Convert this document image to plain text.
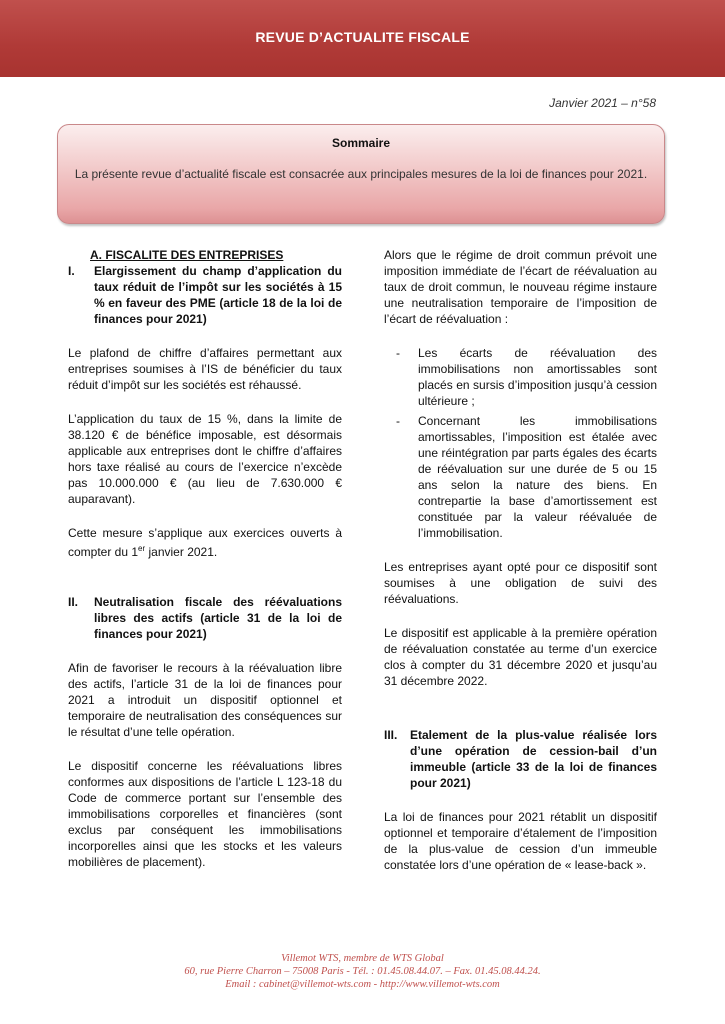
REVUE D’ACTUALITE FISCALE
Janvier 2021 – n°58
Sommaire
La présente revue d’actualité fiscale est consacrée aux principales mesures de la loi de finances pour 2021.

A. FISCALITE DES ENTREPRISES

I.	Elargissement du champ d’application du taux réduit de l’impôt sur les sociétés à 15 % en faveur des PME (article 18 de la loi de finances pour 2021)

Le plafond de chiffre d’affaires permettant aux entreprises soumises à l’IS de bénéficier du taux réduit d’impôt sur les sociétés est réhaussé.

L’application du taux de 15 %, dans la limite de 38.120 € de bénéfice imposable, est désormais applicable aux entreprises dont le chiffre d’affaires hors taxe réalisé au cours de l’exercice n’excède pas 10.000.000 € (au lieu de 7.630.000 € auparavant).

Cette mesure s’applique aux exercices ouverts à compter du 1er janvier 2021.

II.	Neutralisation fiscale des réévaluations libres des actifs (article 31 de la loi de finances pour 2021)

Afin de favoriser le recours à la réévaluation libre des actifs, l’article 31 de la loi de finances pour 2021 a introduit un dispositif optionnel et temporaire de neutralisation des conséquences sur le résultat d’une telle opération.

Le dispositif concerne les réévaluations libres conformes aux dispositions de l’article L 123-18 du Code de commerce portant sur l’ensemble des immobilisations corporelles et financières (sont exclus par conséquent les immobilisations incorporelles ainsi que les stocks et les valeurs mobilières de placement).

Alors que le régime de droit commun prévoit une imposition immédiate de l’écart de réévaluation au taux de droit commun, le nouveau régime instaure une neutralisation temporaire de l’imposition de l’écart de réévaluation :

-	Les écarts de réévaluation des immobilisations non amortissables sont placés en sursis d’imposition jusqu’à cession ultérieure ;
-	Concernant les immobilisations amortissables, l’imposition est étalée avec une réintégration par parts égales des écarts de réévaluation sur une durée de 5 ou 15 ans selon la nature des biens. En contrepartie la base d’amortissement est constituée par la valeur réévaluée de l’immobilisation.

Les entreprises ayant opté pour ce dispositif sont soumises à une obligation de suivi des réévaluations.

Le dispositif est applicable à la première opération de réévaluation constatée au terme d’un exercice clos à compter du 31 décembre 2020 et jusqu’au 31 décembre 2022.

III.	Etalement de la plus-value réalisée lors d’une opération de cession-bail d’un immeuble (article 33 de la loi de finances pour 2021)

La loi de finances pour 2021 rétablit un dispositif optionnel et temporaire d’étalement de l’imposition de la plus-value de cession d’un immeuble constatée lors d’une opération de « lease-back ».

Villemot WTS, membre de WTS Global
60, rue Pierre Charron – 75008 Paris - Tél. : 01.45.08.44.07. – Fax. 01.45.08.44.24.
Email : cabinet@villemot-wts.com - http://www.villemot-wts.com
